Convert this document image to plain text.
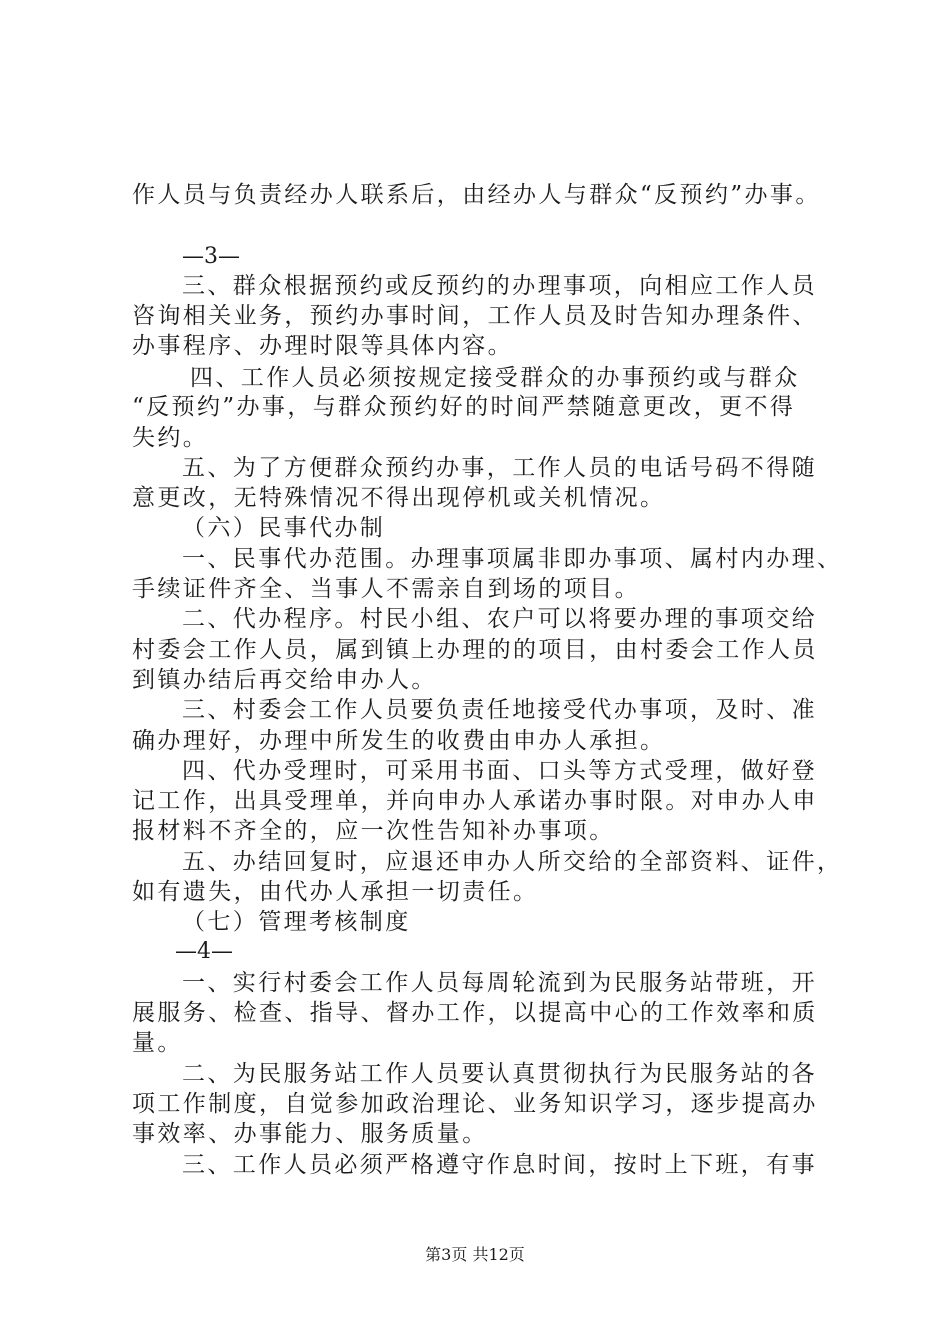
作人员与负责经办人联系后，由经办人与群众“反预约”办事。
—3—
三、群众根据预约或反预约的办理事项，向相应工作人员
咨询相关业务，预约办事时间，工作人员及时告知办理条件、
办事程序、办理时限等具体内容。
四、工作人员必须按规定接受群众的办事预约或与群众
“反预约”办事，与群众预约好的时间严禁随意更改，更不得
失约。
五、为了方便群众预约办事，工作人员的电话号码不得随
意更改，无特殊情况不得出现停机或关机情况。
（六）民事代办制
一、民事代办范围。办理事项属非即办事项、属村内办理、
手续证件齐全、当事人不需亲自到场的项目。
二、代办程序。村民小组、农户可以将要办理的事项交给
村委会工作人员，属到镇上办理的的项目，由村委会工作人员
到镇办结后再交给申办人。
三、村委会工作人员要负责任地接受代办事项，及时、准
确办理好，办理中所发生的收费由申办人承担。
四、代办受理时，可采用书面、口头等方式受理，做好登
记工作，出具受理单，并向申办人承诺办事时限。对申办人申
报材料不齐全的，应一次性告知补办事项。
五、办结回复时，应退还申办人所交给的全部资料、证件，
如有遗失，由代办人承担一切责任。
（七）管理考核制度
—4—
一、实行村委会工作人员每周轮流到为民服务站带班，开
展服务、检查、指导、督办工作，以提高中心的工作效率和质
量。
二、为民服务站工作人员要认真贯彻执行为民服务站的各
项工作制度，自觉参加政治理论、业务知识学习，逐步提高办
事效率、办事能力、服务质量。
三、工作人员必须严格遵守作息时间，按时上下班，有事
第3页 共12页
